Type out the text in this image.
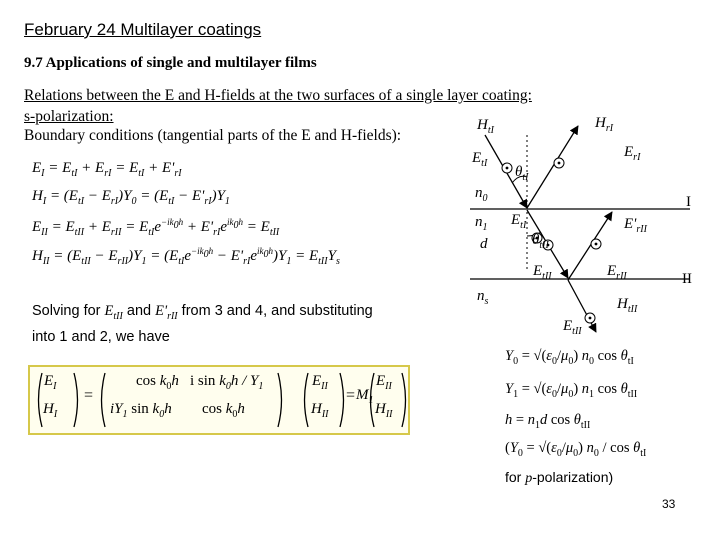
February 24 Multilayer coatings
9.7 Applications of single and multilayer films
Relations between the E and H-fields at the two surfaces of a single layer coating:
s-polarization:
Boundary conditions (tangential parts of the E and H-fields):
$E_I = E_{tI} + E_{rI} = E_{tI} + E'_{rI}$
$H_I = (E_{tI} - E_{rI})Y_0 = (E_{tI} - E'_{rI})Y_1$
$E_{II} = E_{tII} + E_{rII} = E_{tI}e^{-ik_0h} + E'_{rI}e^{ik_0h} = E_{tII}$
$H_{II} = (E_{tII} - E_{rII})Y_1 = (E_{tI}e^{-ik_0h} - E'_{rI}e^{ik_0h})Y_1 = E_{tII}Y_s$
Solving for $E_{tII}$ and $E'_{rII}$ from 3 and 4, and substituting
into 1 and 2, we have
$E_I$
$H_I$
=
$\cos k_0h$ i $\sin k_0h / Y_1$
$iY_1$ $\sin k_0h$ $\cos k_0h$
$E_{II}$
$H_{II}$
= $M_1$
$E_{II}$
$H_{II}$
$H_{tI}$	$H_{rI}$
$E_{tI}$
$E_{rI}$
$\theta_{tI}$
$n_0$	I
$n_1$ $E_{tI}$	$E'_{rII}$
d	$\theta_{tII}$
$E_{tII}$	$E_{rII}$	II
$n_s$	$H_{tII}$
$E_{tII}$
$Y_0 = √(\varepsilon_0/\mu_0)$ $n_0$ $\cos \theta_{tI}$
$Y_1 = √(\varepsilon_0/\mu_0)$ $n_1$ $\cos \theta_{tII}$
$h = n_1d$ $\cos \theta_{tII}$
($Y_0 = √(\varepsilon_0/\mu_0)$ $n_0$ / $\cos \theta_{tI}$
for p-polarization)
33
